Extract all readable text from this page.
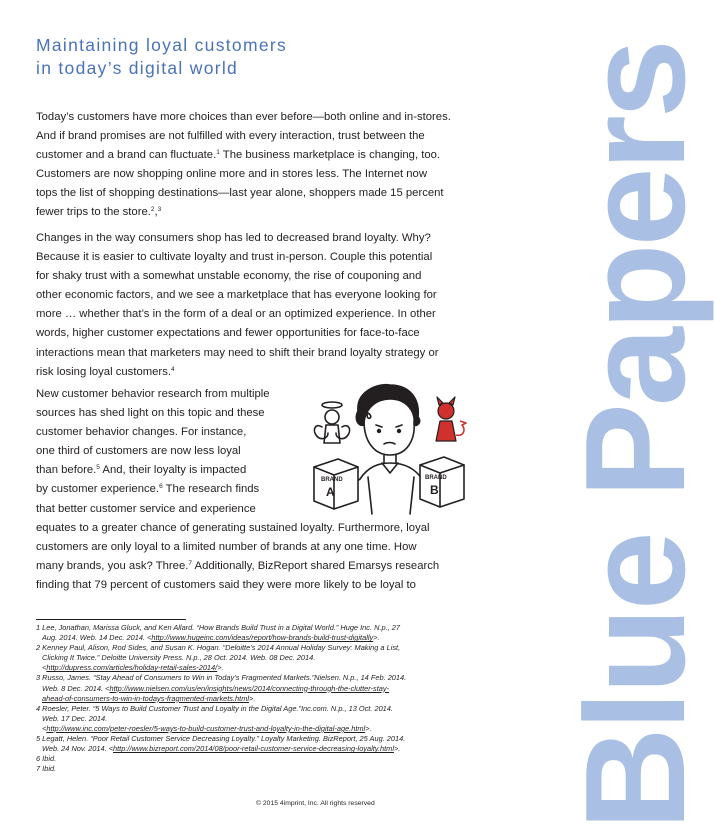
Maintaining loyal customers
in today’s digital world
Today’s customers have more choices than ever before—both online and in-stores.
And if brand promises are not fulfilled with every interaction, trust between the
customer and a brand can fluctuate.$^1$ The business marketplace is changing, too.
Customers are now shopping online more and in stores less. The Internet now
tops the list of shopping destinations—last year alone, shoppers made 15 percent
fewer trips to the store.$^2$,$^3$
Changes in the way consumers shop has led to decreased brand loyalty. Why?
Because it is easier to cultivate loyalty and trust in-person. Couple this potential
for shaky trust with a somewhat unstable economy, the rise of couponing and
other economic factors, and we see a marketplace that has everyone looking for
more … whether that’s in the form of a deal or an optimized experience. In other
words, higher customer expectations and fewer opportunities for face-to-face
interactions mean that marketers may need to shift their brand loyalty strategy or
risk losing loyal customers.$^4$
New customer behavior research from multiple
sources has shed light on this topic and these
customer behavior changes. For instance,
one third of customers are now less loyal
than before.$^5$ And, their loyalty is impacted
by customer experience.$^6$ The research finds
that better customer service and experience
equates to a greater chance of generating sustained loyalty. Furthermore, loyal
customers are only loyal to a limited number of brands at any one time. How
many brands, you ask? Three.$^7$ Additionally, BizReport shared Emarsys research
finding that 79 percent of customers said they were more likely to be loyal to
BRAND
A
BRAND
B Blue Papers
1 Lee, Jonathan, Marissa Gluck, and Ken Allard. “How Brands Build Trust in a Digital World.” Huge Inc. N.p., 27
Aug. 2014. Web. 14 Dec. 2014. <http://www.hugeinc.com/ideas/report/how-brands-build-trust-digitally>.
2 Kenney Paul, Alison, Rod Sides, and Susan K. Hogan. “Deloitte’s 2014 Annual Holiday Survey: Making a List,
Clicking It Twice.” Deloitte University Press. N.p., 28 Oct. 2014. Web. 08 Dec. 2014.
<http://dupress.com/articles/holiday-retail-sales-2014/>.
3 Russo, James. “Stay Ahead of Consumers to Win in Today’s Fragmented Markets.”Nielsen. N.p., 14 Feb. 2014.
Web. 8 Dec. 2014. <http://www.nielsen.com/us/en/insights/news/2014/connecting-through-the-clutter-stay-
ahead-of-consumers-to-win-in-todays-fragmented-markets.html>.
4 Roesler, Peter. “5 Ways to Build Customer Trust and Loyalty in the Digital Age.”Inc.com. N.p., 13 Oct. 2014.
Web. 17 Dec. 2014.
<http://www.inc.com/peter-roesler/5-ways-to-build-customer-trust-and-loyalty-in-the-digital-age.html>.
5 Legatt, Helen. “Poor Retail Customer Service Decreasing Loyalty.” Loyalty Marketing. BizReport, 25 Aug. 2014.
Web. 24 Nov. 2014. <http://www.bizreport.com/2014/08/poor-retail-customer-service-decreasing-loyalty.html>.
6 Ibid.
7 Ibid.
© 2015 4imprint, Inc. All rights reserved
